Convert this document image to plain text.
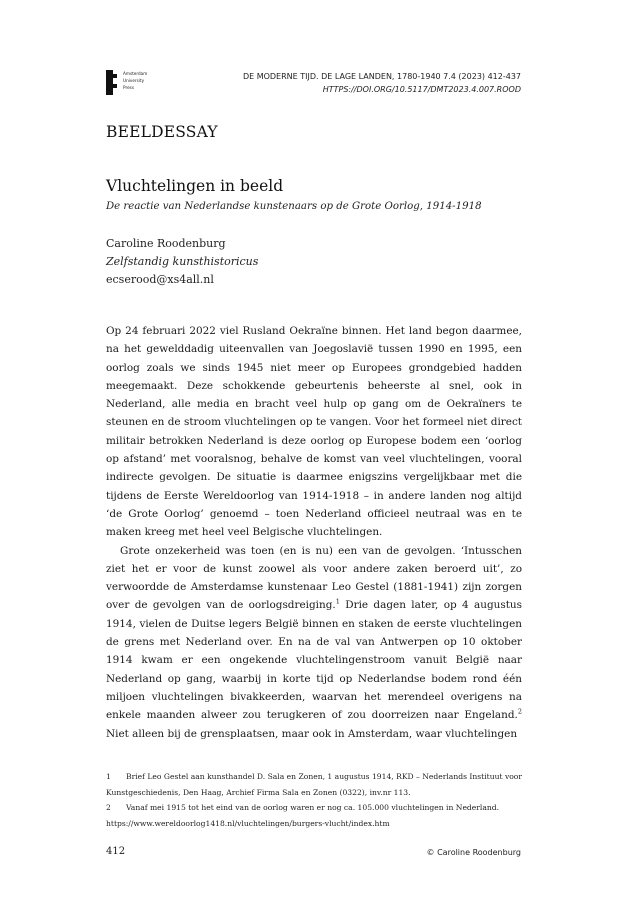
Amsterdam
University
Press
DE MODERNE TIJD. DE LAGE LANDEN, 1780-1940 7.4 (2023) 412-437
HTTPS://DOI.ORG/10.5117/DMT2023.4.007.ROOD
BEELDESSAY
Vluchtelingen in beeld
De reactie van Nederlandse kunstenaars op de Grote Oorlog, 1914-1918
Caroline Roodenburg
Zelfstandig kunsthistoricus
ecserood@xs4all.nl

Op 24 februari 2022 viel Rusland Oekraïne binnen. Het land begon daarmee, na het gewelddadig uiteenvallen van Joegoslavië tussen 1990 en 1995, een oorlog zoals we sinds 1945 niet meer op Europees grondgebied hadden meegemaakt. Deze schokkende gebeurtenis beheerste al snel, ook in Nederland, alle media en bracht veel hulp op gang om de Oekraïners te steunen en de stroom vluchtelingen op te vangen. Voor het formeel niet direct militair betrokken Nederland is deze oorlog op Europese bodem een ‘oorlog op afstand’ met vooralsnog, behalve de komst van veel vluchtelingen, vooral indirecte gevolgen. De situatie is daarmee enigszins vergelijkbaar met die tijdens de Eerste Wereldoorlog van 1914-1918 – in andere landen nog altijd ‘de Grote Oorlog’ genoemd – toen Nederland officieel neutraal was en te maken kreeg met heel veel Belgische vluchtelingen.

Grote onzekerheid was toen (en is nu) een van de gevolgen. ‘Intusschen ziet het er voor de kunst zoowel als voor andere zaken beroerd uit’, zo verwoordde de Amsterdamse kunstenaar Leo Gestel (1881-1941) zijn zorgen over de gevolgen van de oorlogsdreiging.$^1$ Drie dagen later, op 4 augustus 1914, vielen de Duitse legers België binnen en staken de eerste vluchtelingen de grens met Nederland over. En na de val van Antwerpen op 10 oktober 1914 kwam er een ongekende vluchtelingenstroom vanuit België naar Nederland op gang, waarbij in korte tijd op Nederlandse bodem rond één miljoen vluchtelingen bivakkeerden, waarvan het merendeel overigens na enkele maanden alweer zou terugkeren of zou doorreizen naar Engeland.$^2$ Niet alleen bij de grensplaatsen, maar ook in Amsterdam, waar vluchtelingen

1 Brief Leo Gestel aan kunsthandel D. Sala en Zonen, 1 augustus 1914, RKD – Nederlands Instituut voor Kunstgeschiedenis, Den Haag, Archief Firma Sala en Zonen (0322), inv.nr 113.

2 Vanaf mei 1915 tot het eind van de oorlog waren er nog ca. 105.000 vluchtelingen in Nederland. https://www.wereldoorlog1418.nl/vluchtelingen/burgers-vlucht/index.htm

412	© Caroline Roodenburg
